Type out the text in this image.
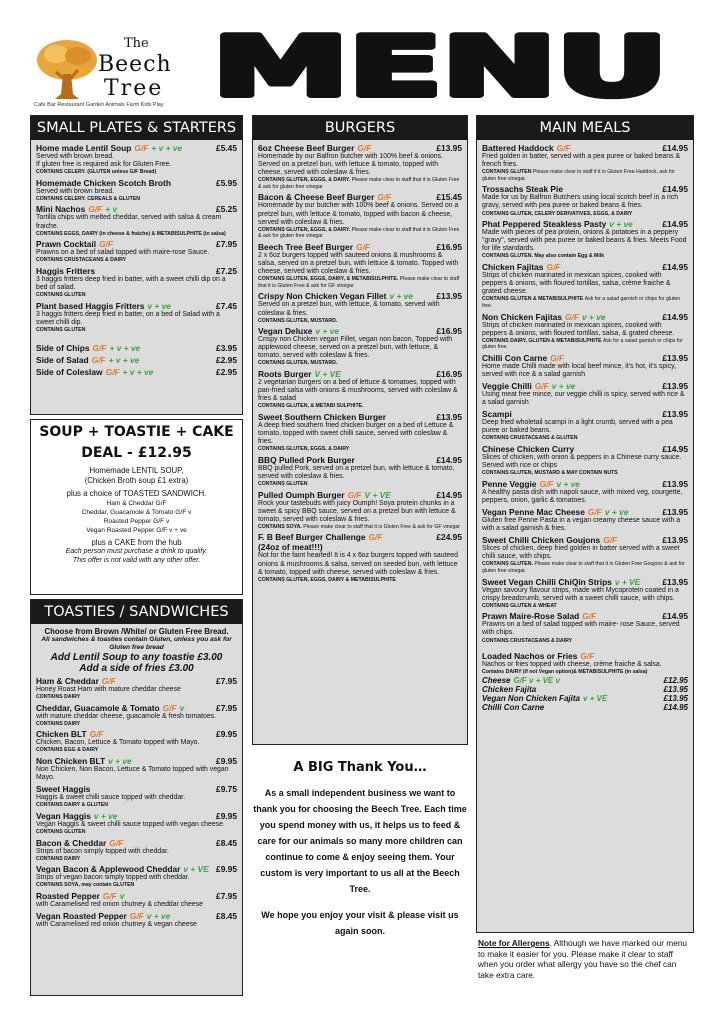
The
Beech
Tree
Cafe Bar Restaurant Garden Animals Farm Kids Play MENU
SMALL PLATES & STARTERS
Home made Lentil Soup G/F + v + ve	£5.45
Served with brown bread.
If gluten free is required ask for Gluten Free.
CONTAINS CELERY. (GLUTEN unless G/F Bread)
Homemade Chicken Scotch Broth	£5.95
Served with brown bread.
CONTAINS CELERY. CEREALS & GLUTEN
Mini Nachos G/F + v	£5.25
Tortilla chips with melted cheddar, served with salsa & cream fraiche.
CONTAINS EGGS, DAIRY (in cheese & fraiche) & METABISULPHITE (in salsa)
Prawn Cocktail G/F	£7.95
Prawns on a bed of salad topped with maire-rose Sauce.
CONTAINS CRUSTACEANS & DAIRY
Haggis Fritters	£7.25
3 haggis fritters deep fried in batter, with a sweet chilli dip on a bed of salad.
CONTAINS GLUTEN
Plant based Haggis Fritters v + ve	£7.45
3 haggis fritters deep fried in batter, on a bed of Salad with a sweet chilli dip.
CONTAINS GLUTEN
Side of Chips G/F + v + ve	£3.95
Side of Salad G/F + v + ve	£2.95
Side of Coleslaw G/F + v + ve	£2.95
SOUP + TOASTIE + CAKE
DEAL - £12.95
Homemade LENTIL SOUP,
(Chicken Broth soup £1 extra)
plus a choice of TOASTED SANDWICH.
Ham & Cheddar G/F
Cheddar, Guacamole & Tomato G/F v
Roasted Pepper G/F v
Vegan Roasted Pepper G/F v + ve
plus a CAKE from the hub
Each person must purchase a drink to qualify.
This offer is not valid with any other offer.
TOASTIES / SANDWICHES
Choose from Brown /White/ or Gluten Free Bread.
All sandwiches & toasties contain Gluten, unless you ask for Gluten free bread
Add Lentil Soup to any toastie £3.00
Add a side of fries £3.00
Ham & Cheddar G/F	£7.95
Honey Roast Ham with mature cheddar cheese
CONTAINS DAIRY
Cheddar, Guacamole & Tomato G/F v	£7.95
with mature cheddar cheese, guacamole & fresh tomatoes.
CONTAINS DAIRY
Chicken BLT G/F	£9.95
Chicken, Bacon, Lettuce & Tomato topped with Mayo.
CONTAINS EGG & DAIRY
Non Chicken BLT v + ve	£9.95
Non Chicken, Non Bacon, Lettuce & Tomato topped with vegan Mayo.
Sweet Haggis	£9.75
Haggis & sweet chilli sauce topped with cheddar.
CONTAINS DAIRY & GLUTEN
Vegan Haggis v + ve	£9.95
Vegan Haggis & sweet chilli sauce topped with vegan cheese.
CONTAINS GLUTEN
Bacon & Cheddar G/F	£8.45
Strips of bacon simply topped with cheddar.
CONTAINS DAIRY
Vegan Bacon & Applewood Cheddar v + VE £9.95
Strips of vegan bacon simply topped with cheddar.
CONTAINS SOYA, may contain GLUTEN
Roasted Pepper G/F v	£7.95
with Caramelised red onion chutney & cheddar cheese
Vegan Roasted Pepper G/F v + ve	£8.45
with Caramelised red onion chutney & vegan cheese
BURGERS
6oz Cheese Beef Burger G/F	£13.95
Homemade by our Balfron butcher with 100% beef & onions. Served on a pretzel bun, with lettuce & tomato, topped with cheese, served with coleslaw & fries.
CONTAINS GLUTEN, EGGS, & DAIRY. Please make clear to staff that it is Gluten Free & ask for gluten free vinegar
Bacon & Cheese Beef Burger G/F	£15.45
Homemade by our butcher with 100% beef & onions. Served on a pretzel bun, with lettuce & tomato, topped with bacon & cheese, served with coleslaw & fries.
CONTAINS GLUTEN, EGGS, & DAIRY. Please make clear to staff that it is Gluten Free & ask for gluten free vinegar
Beech Tree Beef Burger G/F	£16.95
2 x 6oz burgers topped with sauteed onions & mushrooms & salsa, served on a pretzel bun, with lettuce & tomato. Topped with cheese, served with coleslaw & fries.
CONTAINS GLUTEN, EGGS, DAIRY, & METABISULPHITE. Please make clear to staff that it is Gluten Free & ask for GF vinegar
Crispy Non Chicken Vegan Fillet v + ve	£13.95
Served on a pretzel bun, with lettuce, & tomato, served with coleslaw & fries.
CONTAINS GLUTEN, MUSTARD.
Vegan Deluxe v + ve	£16.95
Crispy non Chicken vegan Fillet, vegan non bacon, Topped with applewood cheese, served on a pretzel bun, with lettuce, & tomato, served with coleslaw & fries.
CONTAINS GLUTEN, MUSTARD.
Roots Burger V + VE	£16.95
2 vegetarian burgers on a bed of lettuce & tomatoes, topped with pan-fried salsa with onions & mushrooms, served with coleslaw & fries & salad
CONTAINS GLUTEN, & METABI SULPHITE.
Sweet Southern Chicken Burger	£13.95
A deep fried southern fried chicken burger on a bed of Lettuce & tomato, topped with sweet chilli sauce, served with coleslaw & fries.
CONTAINS GLUTEN, EGGS, & DAIRY
BBQ Pulled Pork Burger	£14.95
BBQ pulled Pork, served on a pretzel bun, with lettuce & tomato, served with coleslaw & fries.
CONTAINS GLUTEN
Pulled Oumph Burger G/F V + VE	£14.95
Rock your tastebuds with juicy Oumph! Soya protein chunks in a sweet & spicy BBQ sauce, served on a pretzel bun with lettuce & tomato, served with coleslaw & fries.
CONTAINS SOYA. Please make clear to staff that it is Gluten Free & ask for GF vinegar
F. B Beef Burger Challenge G/F	£24.95
(24oz of meat!!!)
Not for the faint hearted! It is 4 x 6oz burgers topped with sauteed onions & mushrooms & salsa, served on seeded bun, with lettuce & tomato, topped with cheese, served with coleslaw & fries.
CONTAINS GLUTEN, EGGS, DAIRY & METABISULPHITE
A BIG Thank You…

As a small independent business we want to thank you for choosing the Beech Tree. Each time you spend money with us, it helps us to feed & care for our animals so many more children can continue to come & enjoy seeing them. Your custom is very important to us all at the Beech Tree.

We hope you enjoy your visit & please visit us again soon.

MAIN MEALS
Battered Haddock G/F	£14.95
Fried golden in batter, served with a pea puree or baked beans & french fries.
CONTAINS GLUTEN Please make clear to staff if it is Gluten Free Haddock, ask for gluten free vinegar.
Trossachs Steak Pie	£14.95
Made for us by Balfron Butchers using local scotch beef in a rich gravy, served with pea puree or baked beans & fries.
CONTAINS GLUTEN, CELERY DERIVATIVES, EGGS, & DAIRY
Phat Peppered Steakless Pasty v + ve	£14.95
Made with pieces of pea protein, onions & potatoes in a peppery "gravy", served with pea puree or baked beans & fries. Meets Food for life standards.
CONTAINS GLUTEN. May also contain Egg & Milk
Chicken Fajitas G/F	£14.95
Strips of chicken marinated in mexican spices, cooked with peppers & onions, with floured tortillas, salsa, crème fraiche & grated cheese.
CONTAINS GLUTEN & METABISULPHITE Ask for a salad garnish or chips for gluten free.
Non Chicken Fajitas G/F v + ve	£14.95
Strips of chicken marinated in mexican spices, cooked with peppers & onions, with floured tortillas, salsa, & grated cheese.
CONTAINS DAIRY, GLUTEN & METABISULPHITE Ask for a salad garnish or chips for gluten free.
Chilli Con Carne G/F	£13.95
Home made Chilli made with local beef mince, it's hot, it's spicy, served with rice & a salad garnish
Veggie Chilli G/F v + ve	£13.95
Using meat free mince, our veggie chilli is spicy, served with rice & a salad garnish
Scampi	£13.95
Deep fried wholetail scampi in a light crumb, served with a pea puree or baked beans.
CONTAINS CRUSTACEANS & GLUTEN
Chinese Chicken Curry	£14.95
Slices of chicken, with onion & peppers in a Chinese curry sauce. Served with rice or chips
CONTAINS GLUTEN, MUSTARD & MAY CONTAIN NUTS
Penne Veggie G/F v + ve	£13.95
A healthy pasta dish with napoli sauce, with mixed veg, courgette, peppers, onion, garlic & tomatoes.
Vegan Penne Mac Cheese G/F v + ve	£13.95
Gluten free Penne Pasta in a vegan creamy cheese sauce with a with a salad garnish & fries.
Sweet Chilli Chicken Goujons G/F	£13.95
Slices of chicken, deep fried golden in batter served with a sweet chilli sauce, with chips.
CONTAINS GLUTEN. Please make clear to staff that it is Gluten Free Goujons & ask for gluten free vinegar.
Sweet Vegan Chilli ChiQin Strips v + VE	£13.95
Vegan savoury flavour strips, made with Mycoprotein coated in a crispy breadcrumb, served with a sweet chilli sauce, with chips.
CONTAINS GLUTEN & WHEAT
Prawn Maire-Rose Salad G/F	£14.95
Prawns on a bed of salad topped with maire- rose Sauce, served with chips.
CONTAINS CRUSTACEANS & DAIRY
Loaded Nachos or Fries G/F
Nachos or fries topped with cheese, crème fraiche & salsa.
Contains DAIRY (if not Vegan option)& METABISULPHITE (in salsa)
Cheese G/F v + VE v	£12.95
Chicken Fajita	£13.95
Vegan Non Chicken Fajita v + VE	£13.95
Chilli Con Carne	£14.95
Note for Allergens. Although we have marked our menu to make it easier for you. Please make it clear to staff when you order what allergy you have so the chef can take extra care.
